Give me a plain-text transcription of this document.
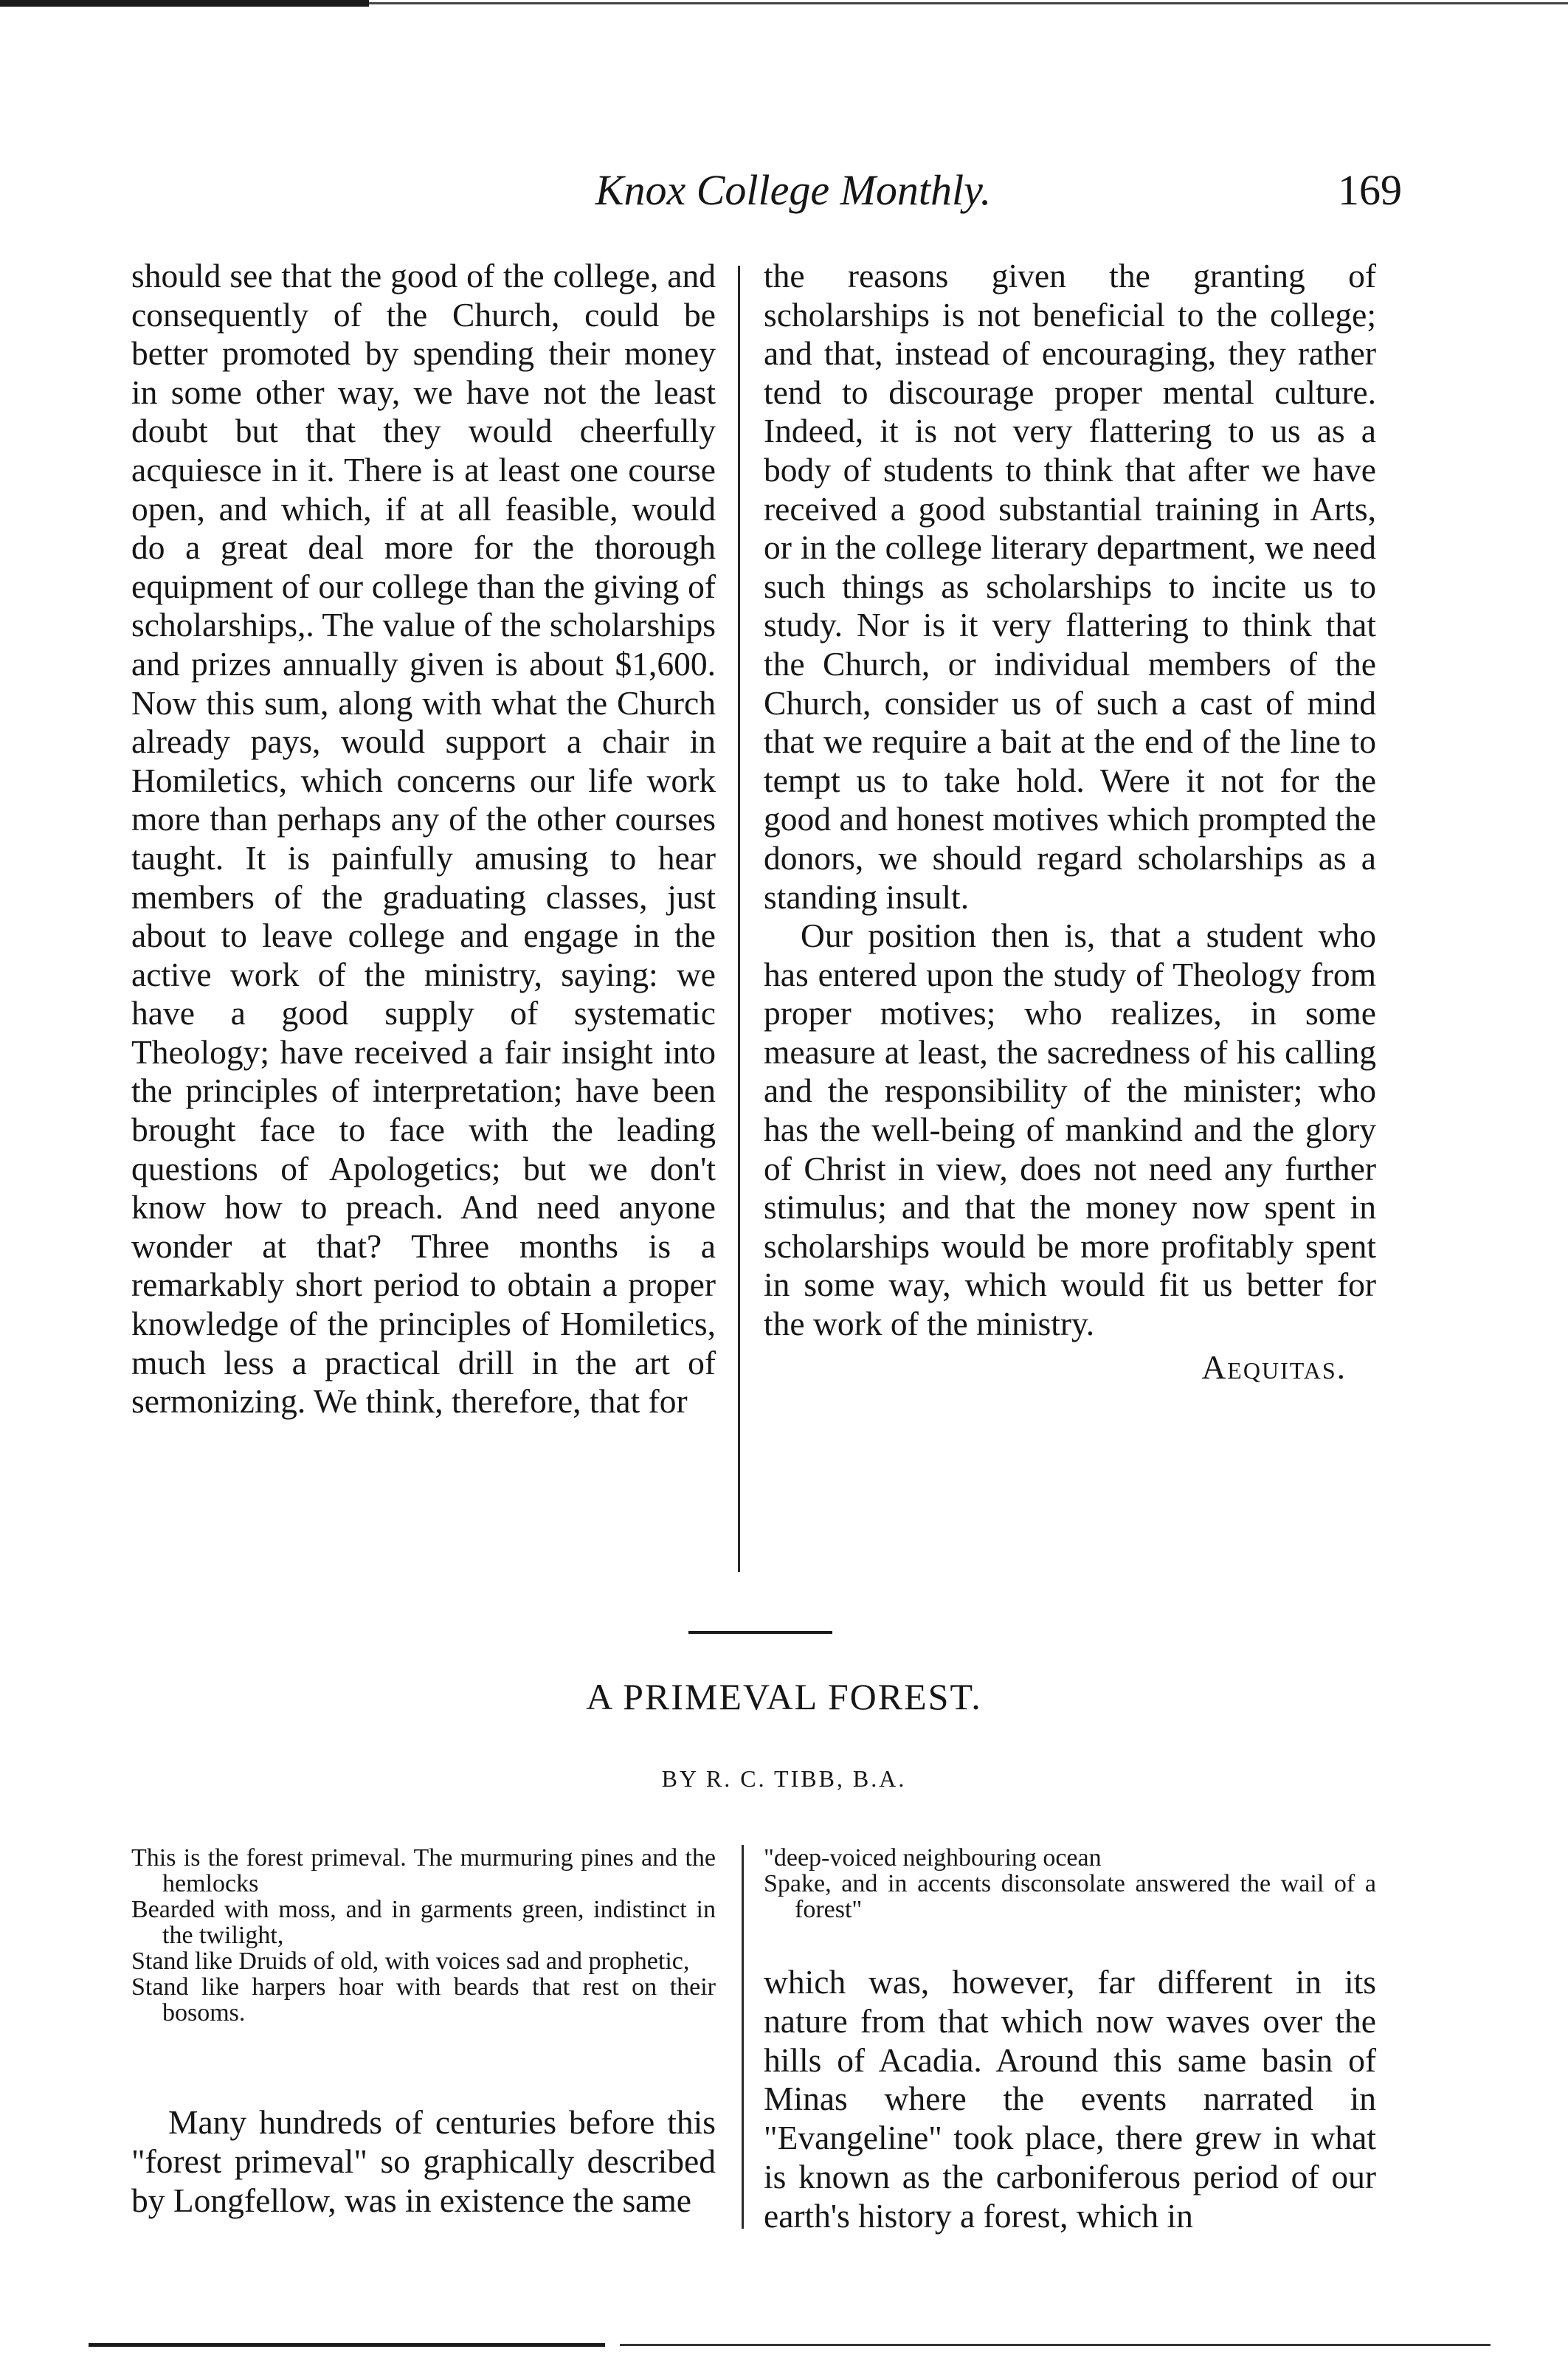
Knox College Monthly.	169

should see that the good of the college, and consequently of the Church, could be better promoted by spending their money in some other way, we have not the least doubt but that they would cheerfully acquiesce in it. There is at least one course open, and which, if at all feasible, would do a great deal more for the thorough equipment of our college than the giving of scholarships,. The value of the scholarships and prizes annually given is about $1,600. Now this sum, along with what the Church already pays, would support a chair in Homiletics, which concerns our life work more than perhaps any of the other courses taught. It is painfully amusing to hear members of the graduating classes, just about to leave college and engage in the active work of the ministry, saying: we have a good supply of systematic Theology; have received a fair insight into the principles of interpretation; have been brought face to face with the leading questions of Apologetics; but we don't know how to preach. And need anyone wonder at that? Three months is a remarkably short period to obtain a proper knowledge of the principles of Homiletics, much less a practical drill in the art of sermonizing. We think, therefore, that for

the reasons given the granting of scholarships is not beneficial to the college; and that, instead of encouraging, they rather tend to discourage proper mental culture. Indeed, it is not very flattering to us as a body of students to think that after we have received a good substantial training in Arts, or in the college literary department, we need such things as scholarships to incite us to study. Nor is it very flattering to think that the Church, or individual members of the Church, consider us of such a cast of mind that we require a bait at the end of the line to tempt us to take hold. Were it not for the good and honest motives which prompted the donors, we should regard scholarships as a standing insult.

Our position then is, that a student who has entered upon the study of Theology from proper motives; who realizes, in some measure at least, the sacredness of his calling and the responsibility of the minister; who has the well-being of mankind and the glory of Christ in view, does not need any further stimulus; and that the money now spent in scholarships would be more profitably spent in some way, which would fit us better for the work of the ministry.

Aequitas.
A PRIMEVAL FOREST.
BY R. C. TIBB, B.A.

This is the forest primeval. The murmuring pines and the hemlocks

Bearded with moss, and in garments green, indistinct in the twilight,

Stand like Druids of old, with voices sad and prophetic,

Stand like harpers hoar with beards that rest on their bosoms.

"deep-voiced neighbouring ocean

Spake, and in accents disconsolate answered the wail of a forest"

Many hundreds of centuries before this "forest primeval" so graphically described by Longfellow, was in existence the same

which was, however, far different in its nature from that which now waves over the hills of Acadia. Around this same basin of Minas where the events narrated in "Evangeline" took place, there grew in what is known as the carboniferous period of our earth's history a forest, which in
